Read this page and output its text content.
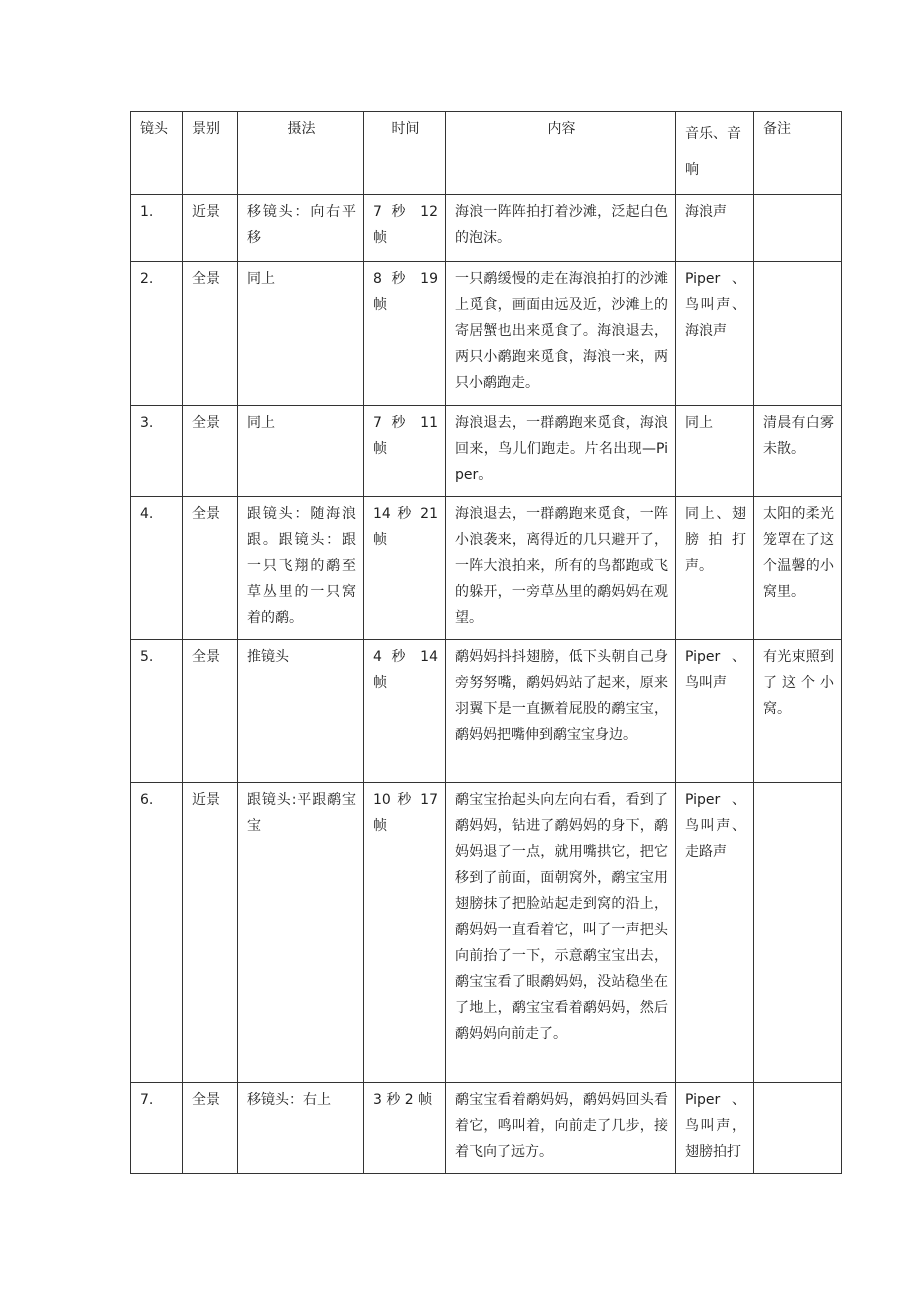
镜头	景别	摄法	时间	内容	音乐、音响	备注
1.	近景	移镜头：向右平移	7 秒 12 帧	海浪一阵阵拍打着沙滩，泛起白色的泡沫。	海浪声	
2.	全景	同上	8 秒 19 帧	一只鹬缓慢的走在海浪拍打的沙滩上觅食，画面由远及近，沙滩上的寄居蟹也出来觅食了。海浪退去，两只小鹬跑来觅食，海浪一来，两只小鹬跑走。	Piper、鸟叫声、海浪声	
3.	全景	同上	7 秒 11 帧	海浪退去，一群鹬跑来觅食，海浪回来，鸟儿们跑走。片名出现—Piper。	同上	清晨有白雾未散。
4.	全景	跟镜头：随海浪跟。跟镜头：跟一只飞翔的鹬至草丛里的一只窝着的鹬。	14 秒 21 帧	海浪退去，一群鹬跑来觅食，一阵小浪袭来，离得近的几只避开了，一阵大浪拍来，所有的鸟都跑或飞的躲开，一旁草丛里的鹬妈妈在观望。	同上、翅膀拍打声。	太阳的柔光笼罩在了这个温馨的小窝里。
5.	全景	推镜头	4 秒 14 帧	鹬妈妈抖抖翅膀，低下头朝自己身旁努努嘴，鹬妈妈站了起来，原来羽翼下是一直撅着屁股的鹬宝宝，鹬妈妈把嘴伸到鹬宝宝身边。	Piper、鸟叫声	有光束照到了这个小窝。
6.	近景	跟镜头:平跟鹬宝宝	10 秒 17 帧	鹬宝宝抬起头向左向右看，看到了鹬妈妈，钻进了鹬妈妈的身下，鹬妈妈退了一点，就用嘴拱它，把它移到了前面，面朝窝外，鹬宝宝用翅膀抹了把脸站起走到窝的沿上，鹬妈妈一直看着它，叫了一声把头向前抬了一下，示意鹬宝宝出去，鹬宝宝看了眼鹬妈妈，没站稳坐在了地上，鹬宝宝看着鹬妈妈，然后鹬妈妈向前走了。	Piper、鸟叫声、走路声	
7.	全景	移镜头：右上	3 秒 2 帧	鹬宝宝看着鹬妈妈，鹬妈妈回头看着它，鸣叫着，向前走了几步，接着飞向了远方。	Piper、鸟叫声，翅膀拍打	
